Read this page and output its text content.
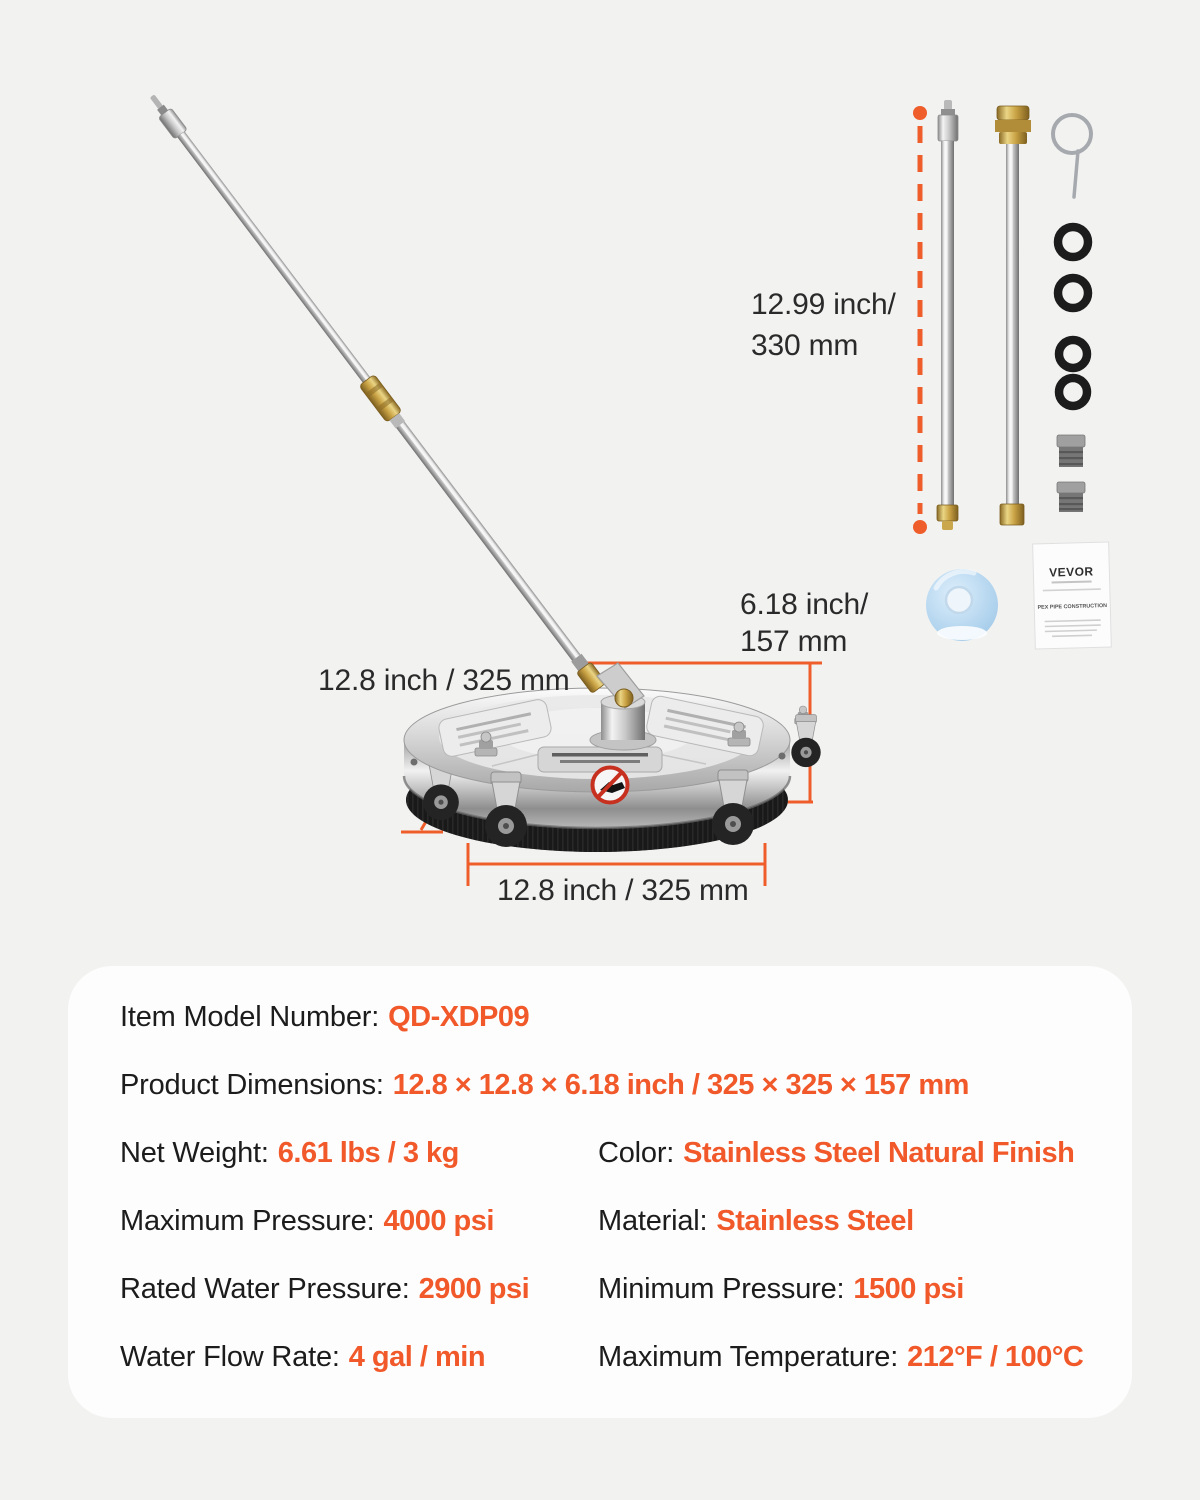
VEVOR
PEX PIPE CONSTRUCTION
12.99 inch/
330 mm
6.18 inch/
157 mm
12.8 inch / 325 mm
12.8 inch / 325 mm
Item Model Number: QD-XDP09
Product Dimensions: 12.8 × 12.8 × 6.18 inch / 325 × 325 × 157 mm
Net Weight: 6.61 lbs / 3 kg	Color: Stainless Steel Natural Finish
Maximum Pressure: 4000 psi	Material: Stainless Steel
Rated Water Pressure: 2900 psi Minimum Pressure: 1500 psi
Water Flow Rate: 4 gal / min	Maximum Temperature: 212°F / 100°C
